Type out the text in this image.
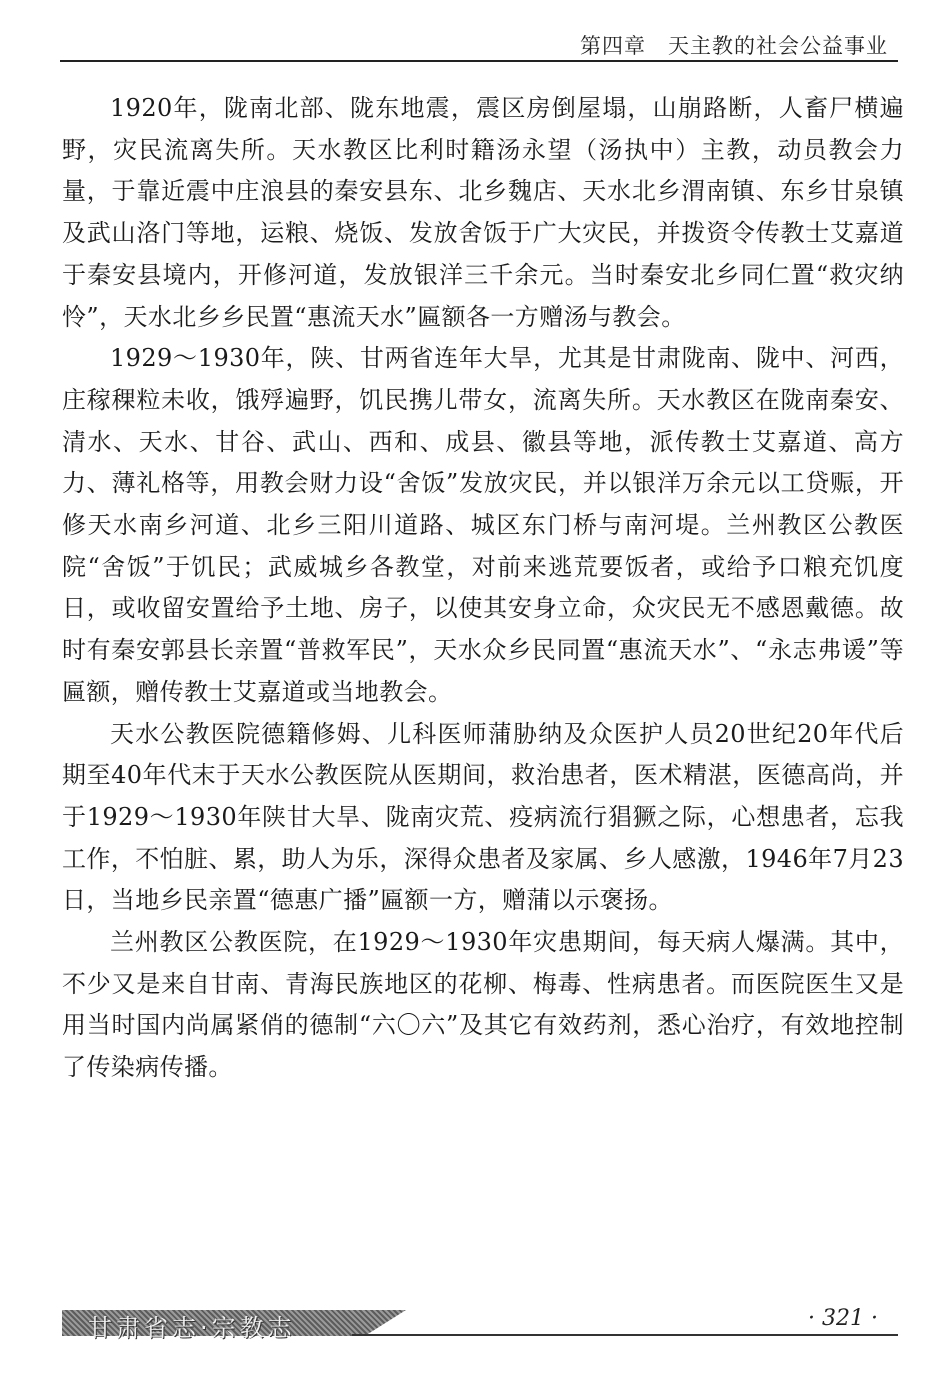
第四章　天主教的社会公益事业

1920年，陇南北部、陇东地震，震区房倒屋塌，山崩路断，人畜尸横遍野，灾民流离失所。天水教区比利时籍汤永望（汤执中）主教，动员教会力量，于靠近震中庄浪县的秦安县东、北乡魏店、天水北乡渭南镇、东乡甘泉镇及武山洛门等地，运粮、烧饭、发放舍饭于广大灾民，并拨资令传教士艾嘉道于秦安县境内，开修河道，发放银洋三千余元。当时秦安北乡同仁置“救灾纳怜”，天水北乡乡民置“惠流天水”匾额各一方赠汤与教会。

1929～1930年，陕、甘两省连年大旱，尤其是甘肃陇南、陇中、河西，庄稼稞粒未收，饿殍遍野，饥民携儿带女，流离失所。天水教区在陇南秦安、清水、天水、甘谷、武山、西和、成县、徽县等地，派传教士艾嘉道、高方力、薄礼格等，用教会财力设“舍饭”发放灾民，并以银洋万余元以工贷赈，开修天水南乡河道、北乡三阳川道路、城区东门桥与南河堤。兰州教区公教医院“舍饭”于饥民；武威城乡各教堂，对前来逃荒要饭者，或给予口粮充饥度日，或收留安置给予土地、房子，以使其安身立命，众灾民无不感恩戴德。故时有秦安郭县长亲置“普救军民”，天水众乡民同置“惠流天水”、“永志弗谖”等匾额，赠传教士艾嘉道或当地教会。

天水公教医院德籍修姆、儿科医师蒲胁纳及众医护人员20世纪20年代后期至40年代末于天水公教医院从医期间，救治患者，医术精湛，医德高尚，并于1929～1930年陕甘大旱、陇南灾荒、疫病流行猖獗之际，心想患者，忘我工作，不怕脏、累，助人为乐，深得众患者及家属、乡人感激，1946年7月23日，当地乡民亲置“德惠广播”匾额一方，赠蒲以示褒扬。

兰州教区公教医院，在1929～1930年灾患期间，每天病人爆满。其中，不少又是来自甘南、青海民族地区的花柳、梅毒、性病患者。而医院医生又是用当时国内尚属紧俏的德制“六〇六”及其它有效药剂，悉心治疗，有效地控制了传染病传播。

甘肃省志·宗教志	· 321 ·
